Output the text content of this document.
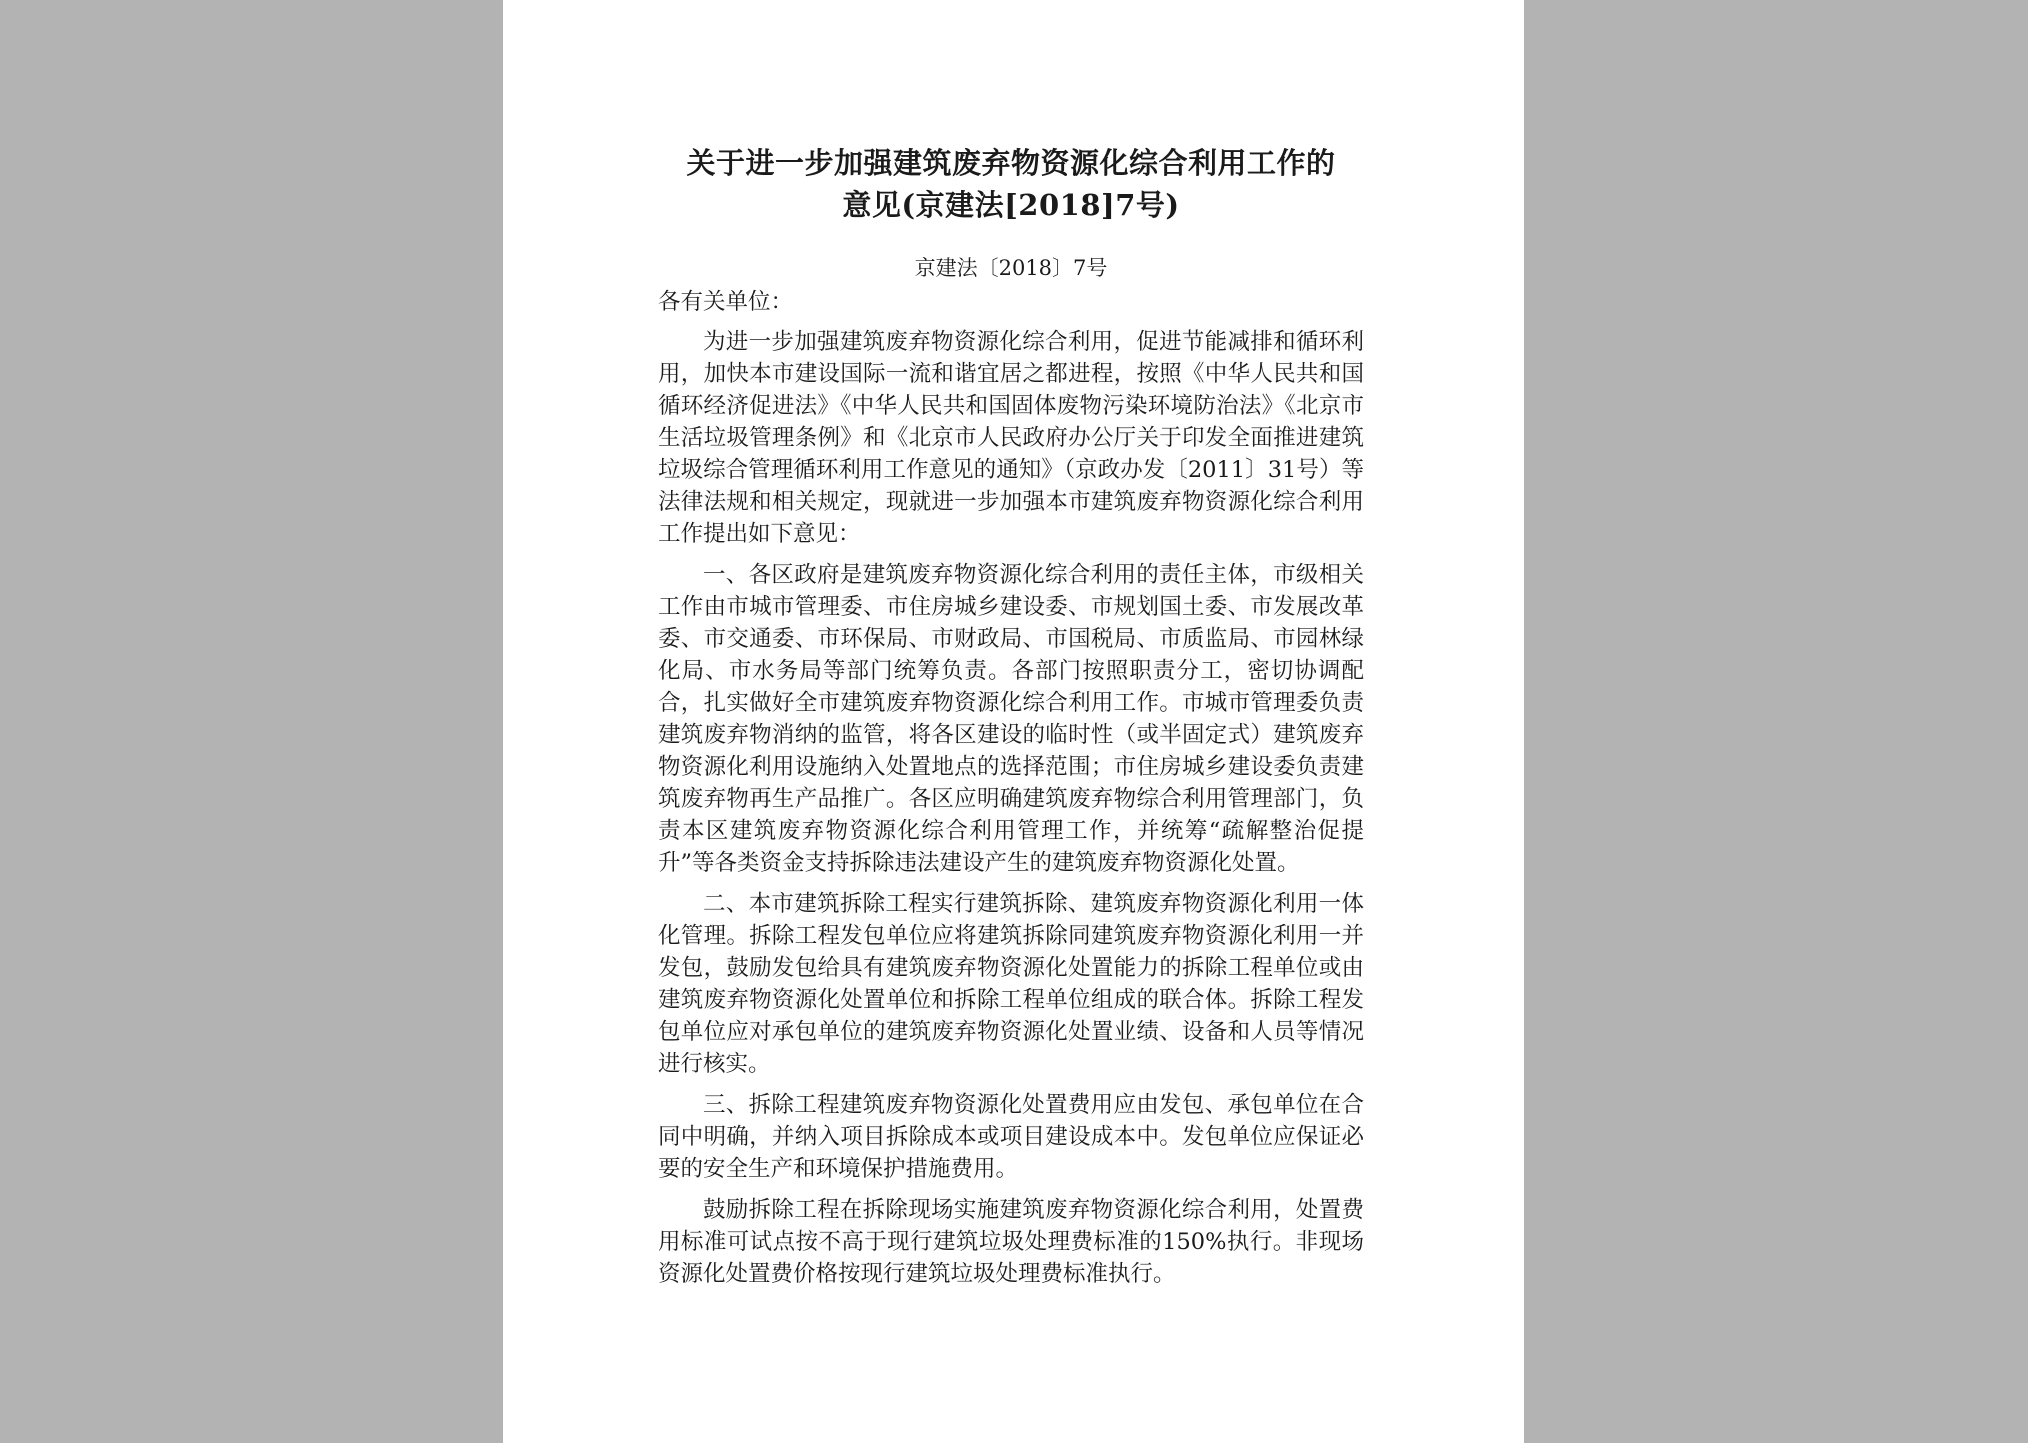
关于进一步加强建筑废弃物资源化综合利用工作的
意见(京建法[2018]7号)
京建法〔2018〕7号
各有关单位：

为进一步加强建筑废弃物资源化综合利用，促进节能减排和循环利用，加快本市建设国际一流和谐宜居之都进程，按照《中华人民共和国循环经济促进法》《中华人民共和国固体废物污染环境防治法》《北京市生活垃圾管理条例》和《北京市人民政府办公厅关于印发全面推进建筑垃圾综合管理循环利用工作意见的通知》（京政办发〔2011〕31号）等法律法规和相关规定，现就进一步加强本市建筑废弃物资源化综合利用工作提出如下意见：

一、各区政府是建筑废弃物资源化综合利用的责任主体，市级相关工作由市城市管理委、市住房城乡建设委、市规划国土委、市发展改革委、市交通委、市环保局、市财政局、市国税局、市质监局、市园林绿化局、市水务局等部门统筹负责。各部门按照职责分工，密切协调配合，扎实做好全市建筑废弃物资源化综合利用工作。市城市管理委负责建筑废弃物消纳的监管，将各区建设的临时性（或半固定式）建筑废弃物资源化利用设施纳入处置地点的选择范围；市住房城乡建设委负责建筑废弃物再生产品推广。各区应明确建筑废弃物综合利用管理部门，负责本区建筑废弃物资源化综合利用管理工作，并统筹“疏解整治促提升”等各类资金支持拆除违法建设产生的建筑废弃物资源化处置。

二、本市建筑拆除工程实行建筑拆除、建筑废弃物资源化利用一体化管理。拆除工程发包单位应将建筑拆除同建筑废弃物资源化利用一并发包，鼓励发包给具有建筑废弃物资源化处置能力的拆除工程单位或由建筑废弃物资源化处置单位和拆除工程单位组成的联合体。拆除工程发包单位应对承包单位的建筑废弃物资源化处置业绩、设备和人员等情况进行核实。

三、拆除工程建筑废弃物资源化处置费用应由发包、承包单位在合同中明确，并纳入项目拆除成本或项目建设成本中。发包单位应保证必要的安全生产和环境保护措施费用。

鼓励拆除工程在拆除现场实施建筑废弃物资源化综合利用，处置费用标准可试点按不高于现行建筑垃圾处理费标准的150%执行。非现场资源化处置费价格按现行建筑垃圾处理费标准执行。
